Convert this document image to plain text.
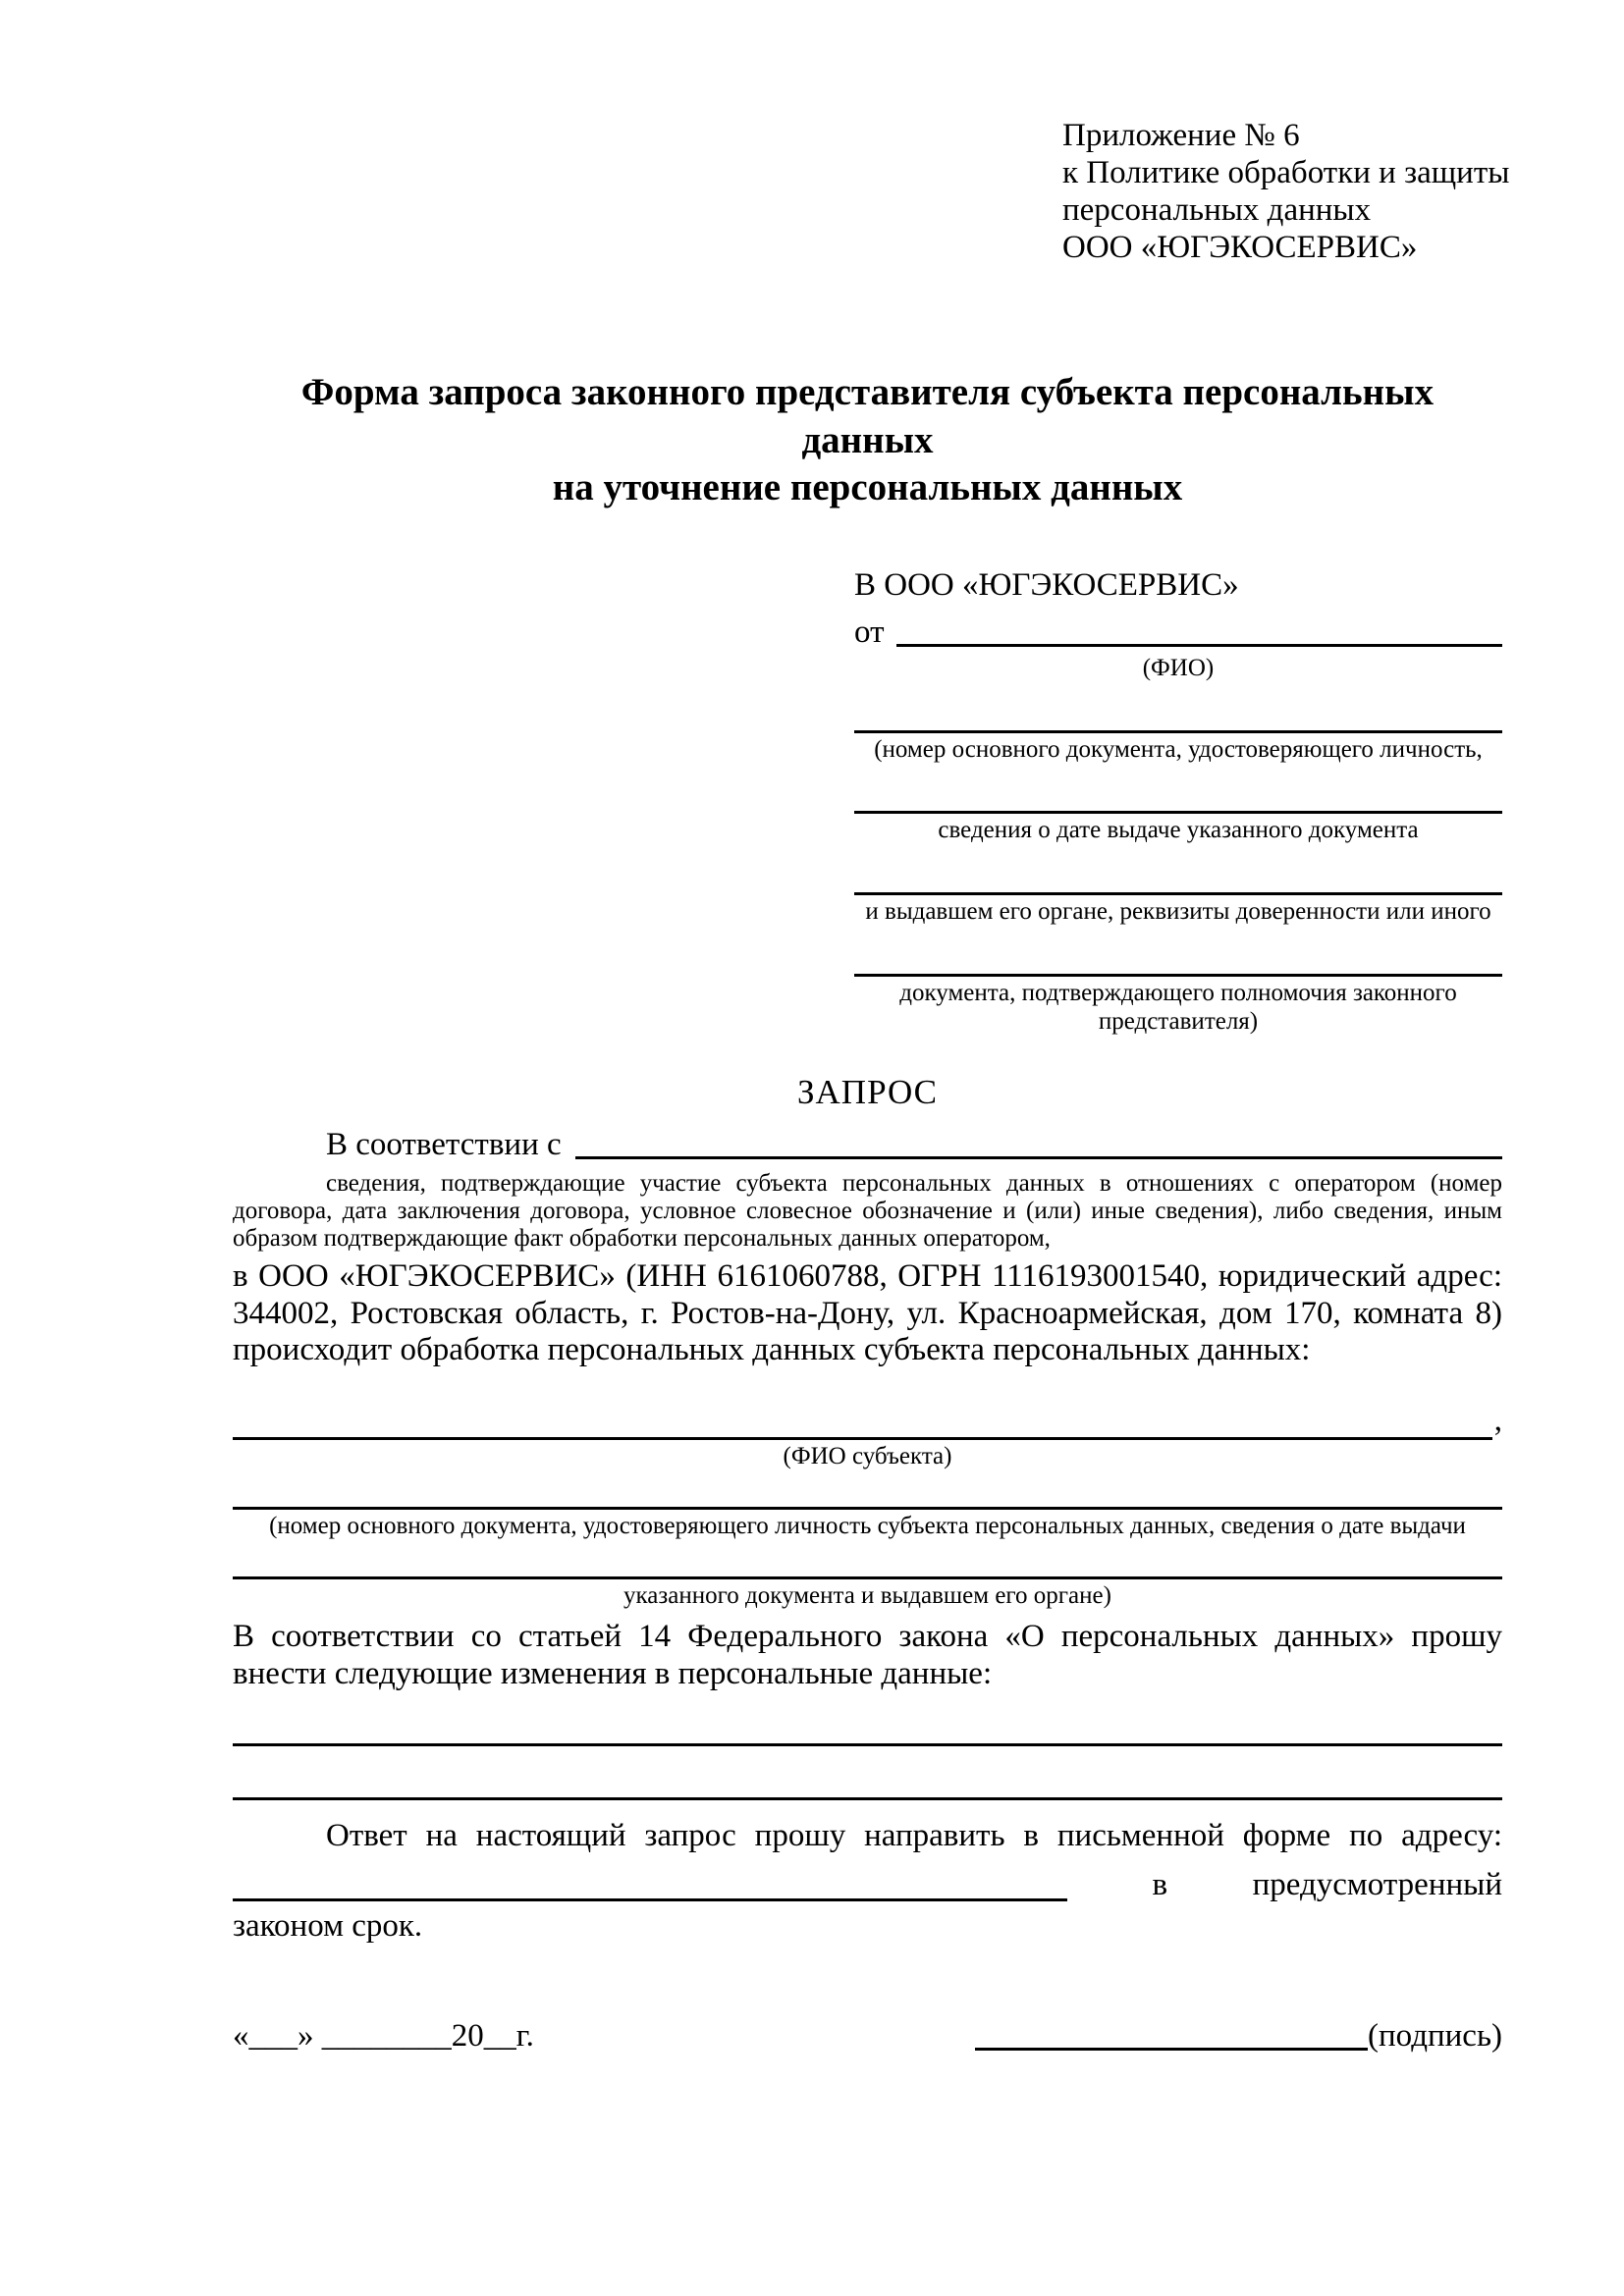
Приложение № 6
к Политике обработки и защиты
персональных данных
ООО «ЮГЭКОСЕРВИС»
Форма запроса законного представителя субъекта персональных данных
на уточнение персональных данных
В ООО «ЮГЭКОСЕРВИС»
от
(ФИО)
(номер основного документа, удостоверяющего личность,
сведения о дате выдаче указанного документа
и выдавшем его органе, реквизиты доверенности или иного
документа, подтверждающего полномочия законного представителя)
ЗАПРОС
В соответствии с
сведения, подтверждающие участие субъекта персональных данных в отношениях с оператором (номер договора, дата заключения договора, условное словесное обозначение и (или) иные сведения), либо сведения, иным образом подтверждающие факт обработки персональных данных оператором,
в ООО «ЮГЭКОСЕРВИС» (ИНН 6161060788, ОГРН 1116193001540, юридический адрес: 344002, Ростовская область, г. Ростов-на-Дону, ул. Красноармейская, дом 170, комната 8) происходит обработка персональных данных субъекта персональных данных:
,
(ФИО субъекта)
(номер основного документа, удостоверяющего личность субъекта персональных данных, сведения о дате выдачи
указанного документа и выдавшем его органе)
В соответствии со статьей 14 Федерального закона «О персональных данных» прошу внести следующие изменения в персональные данные:
Ответ на настоящий запрос прошу направить в письменной форме по адресу:
в	предусмотренный
законом срок.
«___» ________20__г.	(подпись)
